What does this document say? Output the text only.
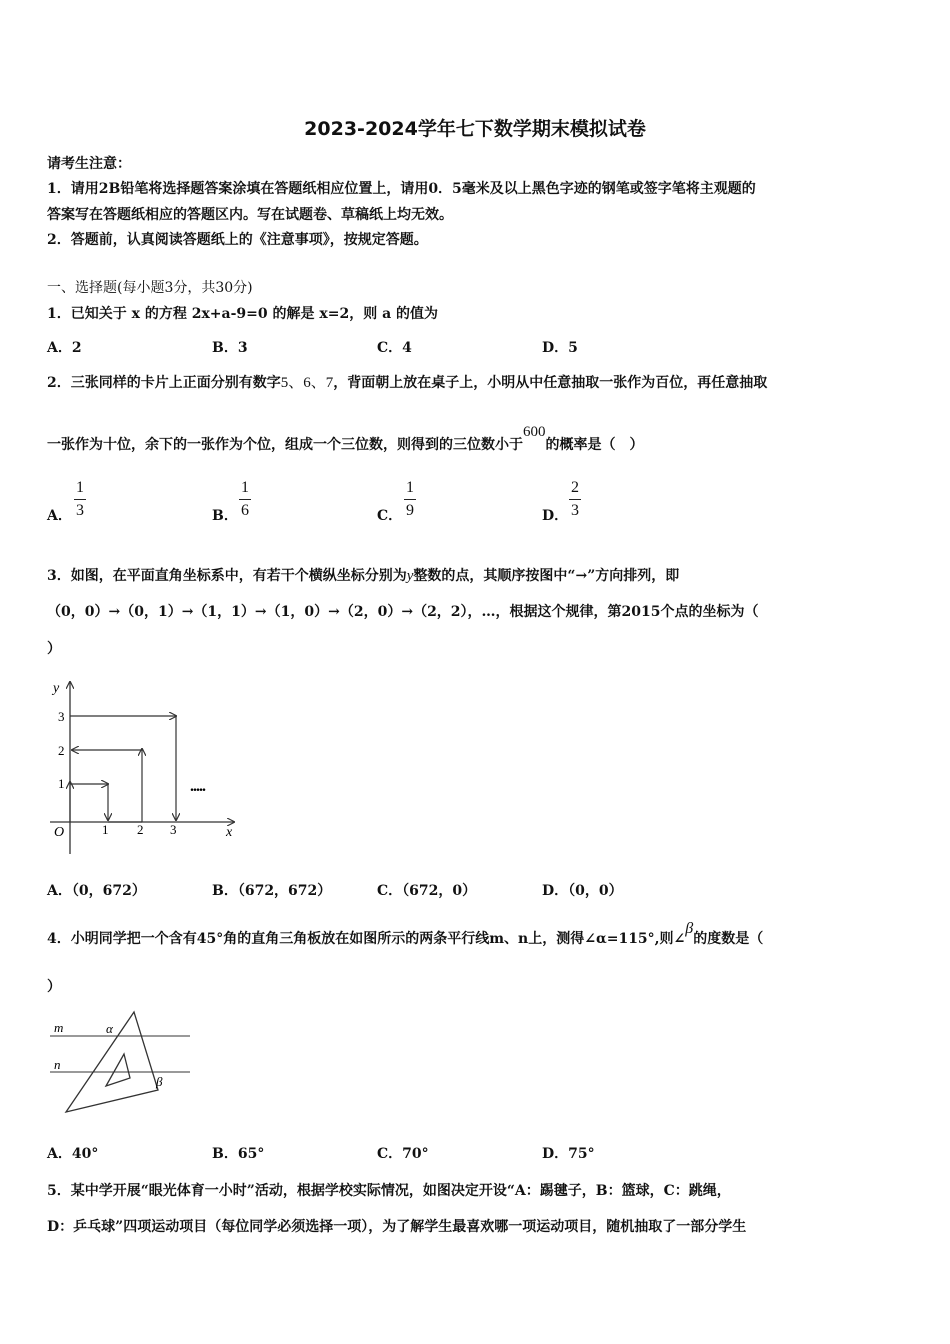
2023-2024学年七下数学期末模拟试卷
请考生注意：
1．请用2B铅笔将选择题答案涂填在答题纸相应位置上，请用0．5毫米及以上黑色字迹的钢笔或签字笔将主观题的
答案写在答题纸相应的答题区内。写在试题卷、草稿纸上均无效。
2．答题前，认真阅读答题纸上的《注意事项》，按规定答题。
一、选择题(每小题3分，共30分)
1．已知关于 x 的方程 2x+a-9=0 的解是 x=2，则 a 的值为
A．2	B．3	C．4	D．5
2．三张同样的卡片上正面分别有数字5、6、7，背面朝上放在桌子上，小明从中任意抽取一张作为百位，再任意抽取
一张作为十位，余下的一张作为个位，组成一个三位数，则得到的三位数小于600的概率是（　）
A．
1
3	B．
1
6	C．
1
9	D．
2
3
3．如图，在平面直角坐标系中，有若干个横纵坐标分别为y整数的点，其顺序按图中“→”方向排列，即
（0，0）→（0，1）→（1，1）→（1，0）→（2，0）→（2，2），…，根据这个规律，第2015个点的坐标为（
）
y
x
O	1 2 3
1
2
3
.....
A．（0，672）	B．（672，672）	C．（672，0）	D．（0，0）
4．小明同学把一个含有45°角的直角三角板放在如图所示的两条平行线m、n上，测得∠α=115°,则∠β的度数是（
）
m
n
α
β
A．40°	B．65°	C．70°	D．75°
5．某中学开展“眼光体育一小时”活动，根据学校实际情况，如图决定开设“A：踢毽子，B：篮球，C：跳绳，
D：乒乓球”四项运动项目（每位同学必须选择一项），为了解学生最喜欢哪一项运动项目，随机抽取了一部分学生
